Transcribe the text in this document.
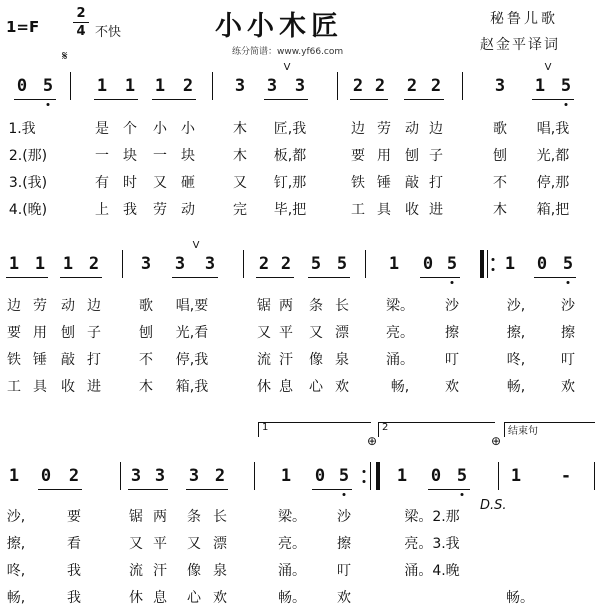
1=F
2
4 不快	小小木匠
练分简谱：www.yf66.com
秘鲁儿歌
赵金平译词
𝄋
0 5	1 1 1 2 3 3
V
3	2 2 2 2	3 1
V
5
1.我	是 个 小 小	木 匠,我	边 劳 动 边	歌 唱,我
2.(那)	一 块 一 块	木 板,都	要 用 刨 子	刨 光,都
3.(我)	有 时 又 砸	又 钉,那	铁 锤 敲 打	不 停,那
4.(晚)	上 我 劳 动	完 毕,把	工 具 收 进	木 箱,把
1 1 1 2 3 3
V
3	2 2 5 5 1 0 5	1 0 5
边 劳 动 边	歌 唱,要	锯 两 条 长	梁。 沙	沙,	沙
要 用 刨 子	刨 光,看	又 平 又 漂	亮。 擦	擦,	擦
铁 锤 敲 打	不 停,我	流 汗 像 泉	涌。 叮	咚,	叮
工 具 收 进	木 箱,我	休 息 心 欢	畅,	欢	畅,	欢
1	2	结束句
⊕	⊕
1 0 2	3 3 3 2	1 0 5	1 0 5	1 -
沙,	要	锯 两 条 长	梁。 沙	梁。2.那
擦,	看	又 平 又 漂	亮。 擦	亮。3.我
咚,	我	流 汗 像 泉	涌。 叮	涌。4.晚
畅,	我	休 息 心 欢	畅。 欢	畅。
D.S.
